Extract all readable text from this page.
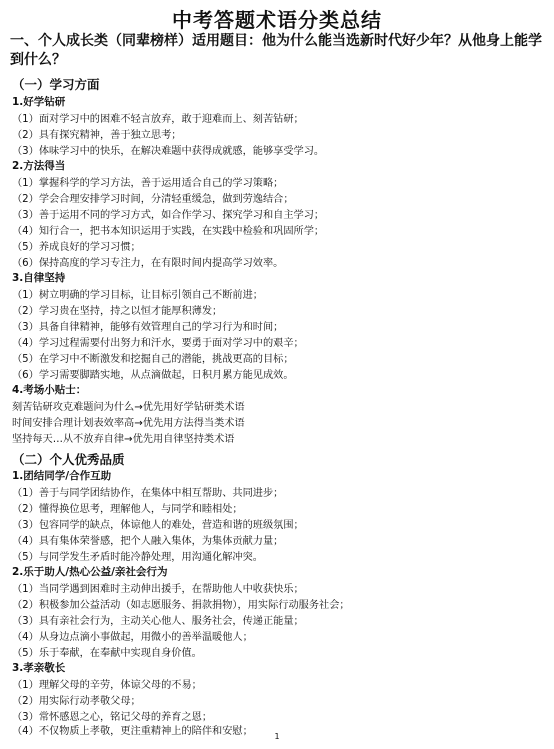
中考答题术语分类总结
一、个人成长类（同辈榜样）适用题目：他为什么能当选新时代好少年？从他身上能学到什么？
（一）学习方面
1.好学钻研
（1）面对学习中的困难不轻言放弃，敢于迎难而上、刻苦钻研；
（2）具有探究精神，善于独立思考；
（3）体味学习中的快乐，在解决难题中获得成就感，能够享受学习。
2.方法得当
（1）掌握科学的学习方法，善于运用适合自己的学习策略；
（2）学会合理安排学习时间，分清轻重缓急，做到劳逸结合；
（3）善于运用不同的学习方式，如合作学习、探究学习和自主学习；
（4）知行合一，把书本知识运用于实践，在实践中检验和巩固所学；
（5）养成良好的学习习惯；
（6）保持高度的学习专注力，在有限时间内提高学习效率。
3.自律坚持
（1）树立明确的学习目标，让目标引领自己不断前进；
（2）学习贵在坚持，持之以恒才能厚积薄发；
（3）具备自律精神，能够有效管理自己的学习行为和时间；
（4）学习过程需要付出努力和汗水，要勇于面对学习中的艰辛；
（5）在学习中不断激发和挖掘自己的潜能，挑战更高的目标；
（6）学习需要脚踏实地，从点滴做起，日积月累方能见成效。
4.考场小贴士：
刻苦钻研攻克难题问为什么→优先用好学钻研类术语
时间安排合理计划表效率高→优先用方法得当类术语
坚持每天…从不放弃自律→优先用自律坚持类术语
（二）个人优秀品质
1.团结同学/合作互助
（1）善于与同学团结协作，在集体中相互帮助、共同进步；
（2）懂得换位思考，理解他人，与同学和睦相处；
（3）包容同学的缺点，体谅他人的难处，营造和谐的班级氛围；
（4）具有集体荣誉感，把个人融入集体，为集体贡献力量；
（5）与同学发生矛盾时能冷静处理，用沟通化解冲突。
2.乐于助人/热心公益/亲社会行为
（1）当同学遇到困难时主动伸出援手，在帮助他人中收获快乐；
（2）积极参加公益活动（如志愿服务、捐款捐物），用实际行动服务社会；
（3）具有亲社会行为，主动关心他人、服务社会，传递正能量；
（4）从身边点滴小事做起，用微小的善举温暖他人；
（5）乐于奉献，在奉献中实现自身价值。
3.孝亲敬长
（1）理解父母的辛劳，体谅父母的不易；
（2）用实际行动孝敬父母；
（3）常怀感恩之心，铭记父母的养育之恩；
（4）不仅物质上孝敬，更注重精神上的陪伴和安慰；	1
